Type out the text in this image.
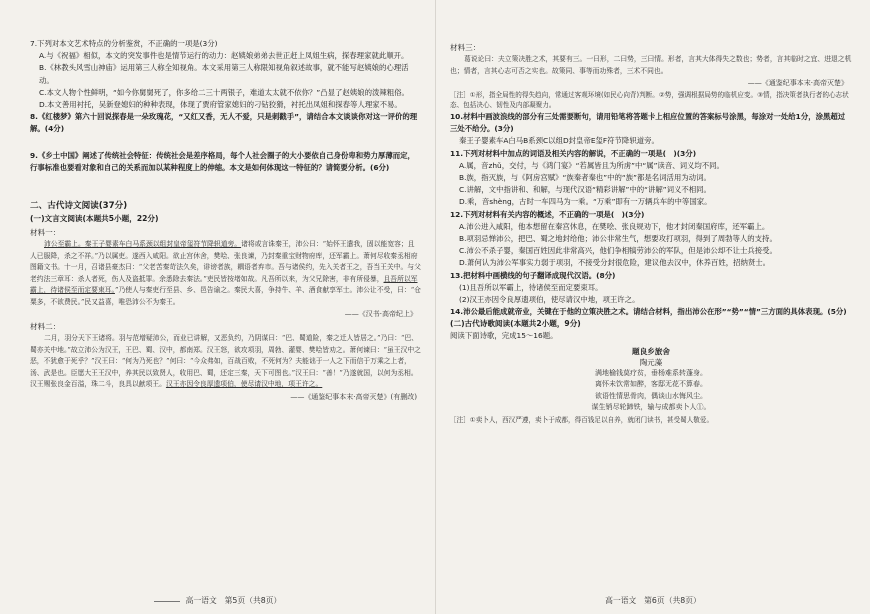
7.下列对本文艺术特点的分析鉴赏，不正确的一项是(3分)

A.与《祝福》相似，本文的突发事件也是情节运行的动力：赵姨娘弟弟去世正赶上凤姐生病，探春理家就此顺开。

B.《林教头风雪山神庙》运用第三人称全知视角。本文采用第三人称限知视角叙述故事，就不能写赵姨娘的心理活动。

C.本文人物个性鲜明，“如今你舅舅死了，你多给二三十两银子，难道太太就不依你？”凸显了赵姨娘的泼辣粗俗。

D.本文善用衬托，吴新登媳妇的种种表现，体现了贾府管家媳妇的刁钻狡猾，衬托出凤姐和探春等人理家不易。

8.《红楼梦》第六十回说探春是一朵玫瑰花，“又红又香，无人不爱，只是刺戳手”，请结合本文谈谈你对这一评价的理解。(4分)

9.《乡土中国》阐述了传统社会特征：传统社会是差序格局，每个人社会圈子的大小要依自己身份卑和势力厚薄而定，行事标准也要看对象和自己的关系而加以某种程度上的伸缩。本文是如何体现这一特征的？请简要分析。(6分)

二、古代诗文阅读(37分)

(一)文言文阅读(本题共5小题，22分)

材料一：

沛公至霸上。秦王子婴素车白马系颈以组封皇帝玺符节降轵道旁。诸将或言诛秦王，沛公曰：“始怀王遣我，固以能宽容；且人已服降，杀之不祥。”乃以属吏。遂西入咸阳。欲止宫休舍，樊哙、张良谏，乃封秦重宝财物府库，还军霸上。萧何尽收秦丞相府图籍文书。十一月，召诸县豪杰曰：“父老苦秦苛法久矣，诽谤者族，耦语者弃市。吾与诸侯约，先入关者王之，吾当王关中。与父老约法三章耳：杀人者死，伤人及盗抵罪。余悉除去秦法。”吏民皆按堵如故。凡吾所以来，为父兄除害，非有所侵暴，且吾所以军霸上，待诸侯至而定要束耳。”乃使人与秦吏行至县、乡、邑告谕之。秦民大喜，争持牛、羊、酒食献享军士。沛公让不受，曰：“仓粟多，不欲费民。”民又益喜，唯恐沛公不为秦王。

——《汉书·高帝纪上》

材料二：

二月，羽分天下王诸将。羽与范增疑沛公，而业已讲解，又恶负约，乃阴谋曰：“巴、蜀道险，秦之迁人皆居之。”乃曰：“巴、蜀亦关中地。”故立沛公为汉王，王巴、蜀、汉中，都南郑。汉王怒，欲攻项羽，周勃、灌婴、樊哙皆劝之。萧何谏曰：“虽王汉中之恶，不犹愈于死乎？”汉王曰：“何为乃死也？”何曰：“今众弗如，百战百败，不死何为？夫能诎于一人之下而信于万乘之上者，汤、武是也。臣愿大王王汉中，养其民以致贤人，收用巴、蜀，还定三秦，天下可图也。”汉王曰：“善！”乃遂就国，以何为丞相。汉王赐张良金百溢，珠二斗，良具以献项王。汉王亦因令良厚遗项伯，使尽请汉中地，项王许之。

——《通鉴纪事本末·高帝灭楚》(有删改)

高一语文　第5页（共8页）

材料三：

葛说论曰：夫立策决胜之术，其要有三。一曰形，二曰势，三曰情。形者，言其大体得失之数也；势者，言其临时之宜、进退之机也；情者，言其心志可否之实也。故策同、事等而功殊者，三术不同也。

——《通鉴纪事本末·高帝灭楚》

［注］①形，指全局性的得失趋向，常通过客观环境(如民心向背)判断。②势，强调根据局势的临机应变。③情，指决策者执行者的心志状态、包括决心、韧性及内部凝聚力。

10.材料中画波浪线的部分有三处需要断句，请用铅笔将答题卡上相应位置的答案标号涂黑，每涂对一处给1分，涂黑超过三处不给分。(3分)

秦王子婴素车A白马B系颈C以组D封皇帝E玺F符节降轵道旁。

11.下列对材料中加点的词语及相关内容的解说，不正确的一项是(　)(3分)

A.属，音zhǔ，交付，与《鸿门宴》“若属皆且为所虏”中“属”读音、词义均不同。

B.族，指灭族，与《阿房宫赋》“族秦者秦也”中的“族”都是名词活用为动词。

C.讲解，文中指讲和、和解，与现代汉语“精彩讲解”中的“讲解”词义不相同。

D.乘，音shèng，古时一车四马为一乘。“万乘”即有一万辆兵车的中等国家。

12.下列对材料有关内容的概述，不正确的一项是(　)(3分)

A.沛公进入咸阳，他本想留在秦宫休息，在樊哙、张良规劝下，他才封闭秦国府库，还军霸上。

B.项羽忌惮沛公，把巴、蜀之地封给他；沛公非常生气，想要攻打项羽，得到了周勃等人的支持。

C.沛公不杀子婴，秦国百姓因此非常高兴，他们争相犒劳沛公的军队，但是沛公却不让士兵接受。

D.萧何认为沛公军事实力弱于项羽，不接受分封很危险，建议他去汉中，休养百姓，招纳贤士。

13.把材料中画横线的句子翻译成现代汉语。(8分)

(1)且吾所以军霸上，待诸侯至而定要束耳。

(2)汉王亦因令良厚遗项伯，使尽请汉中地，项王许之。

14.沛公最后能成就帝业，关键在于他的立策决胜之术。请结合材料，指出沛公在形”“势”“情”三方面的具体表现。(5分)

(二)古代诗歌阅读(本题共2小题，9分)

阅读下面诗歌，完成15～16题。

题良乡旅舍

陶元藻

满地榆钱莫疗贫，垂杨难系转蓬身。

离怀未饮常如醉，客邸无花不算春。

欲语性情思骨肉，偶谈山水悔风尘。

谋生销尽轮蹄铁，输与成都卖卜人①。

［注］①卖卜人，西汉严遵，卖卜于成都，得百钱足以自养，就闭门读书，甚受蜀人敬爱。

高一语文　第6页（共8页）
